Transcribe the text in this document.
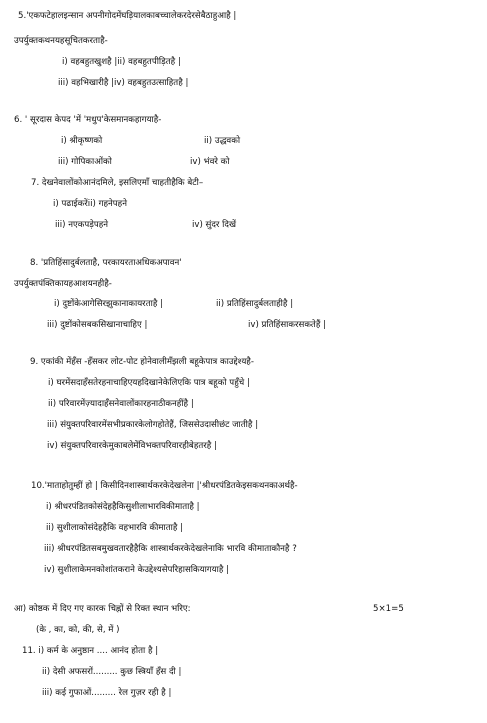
5.'एकफटेहालइन्सान अपनीगोदमेंघड़ियालकाबच्चालेकरदेरसेबैठाहुआहै |
उपर्युक्तकथनयहसूचितकरताहै-
i) वहबहुतखुशहै |ii) वहबहुतपीड़ितहै |
iii) वहभिखारीहै |iv) वहबहुतउत्साहितहै |
6. ' सूरदास केपद 'में 'मधुप'केसमानकहागयाहै-
i) श्रीकृष्णको	ii) उद्धवको
iii) गोपिकाओंको	iv) भंवरे को
7. देखनेवालोंकोआनंदमिले, इसलिएमाँ चाहतीहैकि बेटी–
i) पढाईकरेंii) गहनेपहने
iii) नएकपड़ेपहने	iv) सुंदर दिखें
8. 'प्रतिहिंसादुर्बलताहै, परकायरताअधिकअपावन'
उपर्युक्तपंक्तिकायहआशयनहीहै-
i) दुष्टोंकेआगेसिरझुकानाकायरताहै |	ii) प्रतिहिंसादुर्बलताहीहै |
iii) दुष्टोंकोसबकसिखानाचाहिए |	iv) प्रतिहिंसाकरसकतेहैं |
9. एकांकी मेंहँस -हँसकर लोट-पोट होनेवालीमँझली बहूकेपात्र काउद्देश्यहै-
i) घरमेंसदाहँसतेरहनाचाहिएयहदिखानेकेलिएकि पात्र बहूको पहुँचे |
ii) परिवारमेंज़्यादाहँसनेवालोंकारहनाठीकनहींहै |
iii) संयुक्तपरिवारमेंसभीप्रकारकेलोगहोतेहैं, जिससेउदासीछंट जातीहै |
iv) संयुक्तपरिवारकेमुकाबलेमेंविभक्तपरिवारहीबेहतरहै |
10.'माताहोतुम्हीं हो | किसीदिनशास्त्रार्थकरकेदेखलेना |'श्रीधरपंडितकेइसकथनकाअर्थहै-
i) श्रीधरपंडितकोसंदेहहैकिसुशीलाभारविकीमाताहै |
ii) सुशीलाकोसंदेहहैकि वहभारवि कीमाताहै |
iii) श्रीधरपंडितसबमुखवतारहैहैकि शास्त्रार्थकरकेदेखलेनाकि भारवि कीमाताकौनहै ?
iv) सुशीलाकेमनकोशांतकराने केउद्देश्यसेपरिहासकियागयाहै |
आ) कोष्ठक में दिए गए कारक चिह्नों से रिक्त स्थान भरिए:	5×1=5
(के , का, को, की, से, में )
11. i) कर्म के अनुष्ठान .... आनंद होता है |
ii) देसी अफसरों......... कुछ स्त्रियाँ हँस दी |
iii) कई गुफाओं......... रेल गुज़र रही है |
